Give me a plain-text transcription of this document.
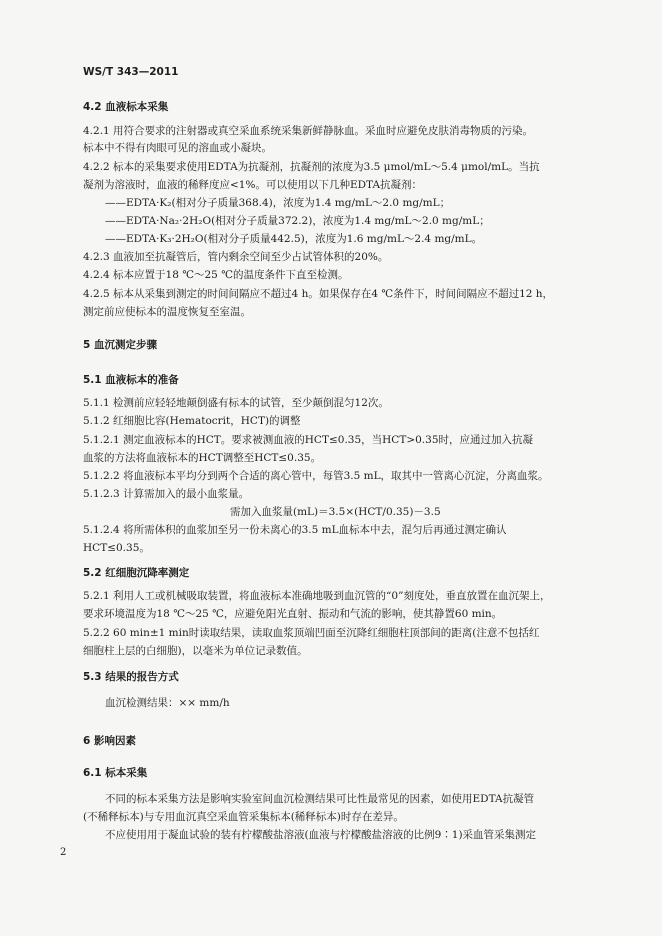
WS/T 343—2011
4.2 血液标本采集
4.2.1 用符合要求的注射器或真空采血系统采集新鲜静脉血。采血时应避免皮肤消毒物质的污染。
标本中不得有肉眼可见的溶血或小凝块。
4.2.2 标本的采集要求使用EDTA为抗凝剂，抗凝剂的浓度为3.5 μmol/mL～5.4 μmol/mL。当抗
凝剂为溶液时，血液的稀释度应<1%。可以使用以下几种EDTA抗凝剂：
——EDTA·K₂(相对分子质量368.4)，浓度为1.4 mg/mL～2.0 mg/mL；
——EDTA·Na₂·2H₂O(相对分子质量372.2)，浓度为1.4 mg/mL～2.0 mg/mL；
——EDTA·K₃·2H₂O(相对分子质量442.5)，浓度为1.6 mg/mL～2.4 mg/mL。
4.2.3 血液加至抗凝管后，管内剩余空间至少占试管体积的20%。
4.2.4 标本应置于18 ℃～25 ℃的温度条件下直至检测。
4.2.5 标本从采集到测定的时间间隔应不超过4 h。如果保存在4 ℃条件下，时间间隔应不超过12 h，
测定前应使标本的温度恢复至室温。
5 血沉测定步骤
5.1 血液标本的准备
5.1.1 检测前应轻轻地颠倒盛有标本的试管，至少颠倒混匀12次。
5.1.2 红细胞比容(Hematocrit，HCT)的调整
5.1.2.1 测定血液标本的HCT。要求被测血液的HCT≤0.35，当HCT>0.35时，应通过加入抗凝
血浆的方法将血液标本的HCT调整至HCT≤0.35。
5.1.2.2 将血液标本平均分到两个合适的离心管中，每管3.5 mL，取其中一管离心沉淀，分离血浆。
5.1.2.3 计算需加入的最小血浆量。
需加入血浆量(mL)＝3.5×(HCT/0.35)－3.5
5.1.2.4 将所需体积的血浆加至另一份未离心的3.5 mL血标本中去，混匀后再通过测定确认
HCT≤0.35。
5.2 红细胞沉降率测定
5.2.1 利用人工或机械吸取装置，将血液标本准确地吸到血沉管的“0”刻度处，垂直放置在血沉架上，
要求环境温度为18 ℃～25 ℃，应避免阳光直射、振动和气流的影响，使其静置60 min。
5.2.2 60 min±1 min时读取结果，读取血浆顶端凹面至沉降红细胞柱顶部间的距离(注意不包括红
细胞柱上层的白细胞)，以毫米为单位记录数值。
5.3 结果的报告方式
血沉检测结果：×× mm/h
6 影响因素
6.1 标本采集
不同的标本采集方法是影响实验室间血沉检测结果可比性最常见的因素，如使用EDTA抗凝管
(不稀释标本)与专用血沉真空采血管采集标本(稀释标本)时存在差异。
不应使用用于凝血试验的装有柠檬酸盐溶液(血液与柠檬酸盐溶液的比例9∶1)采血管采集测定
2
